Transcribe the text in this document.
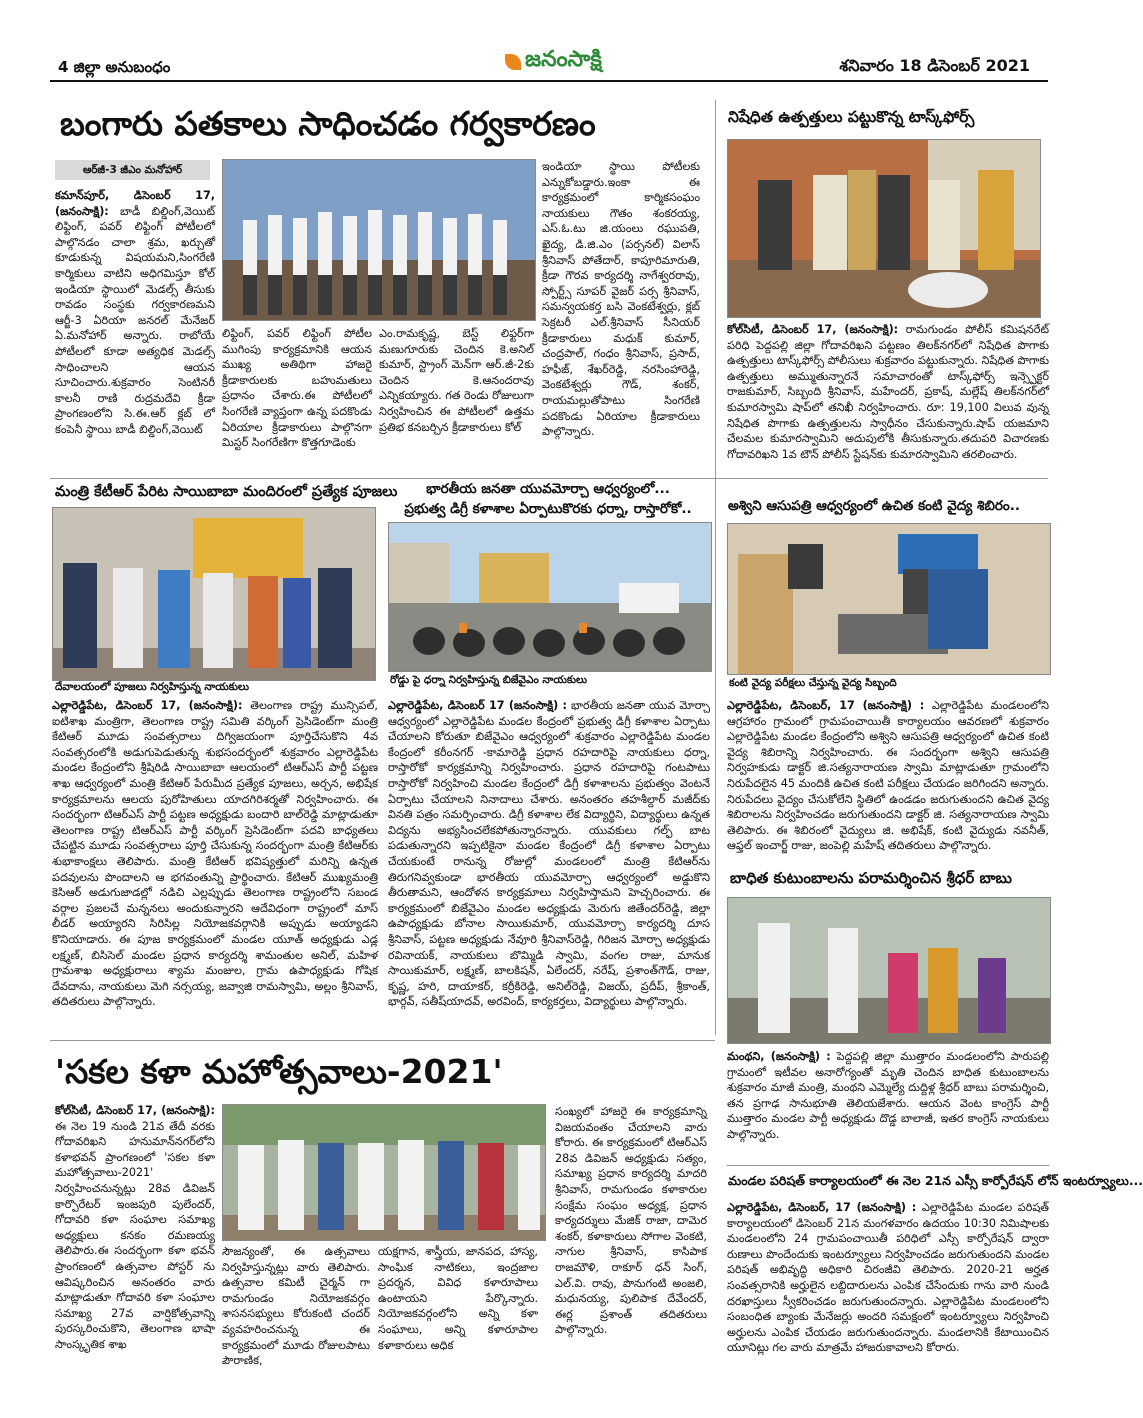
4 జిల్లా అనుబంధం	జనంసాక్షి	శనివారం 18 డిసెంబర్ 2021
బంగారు పతకాలు సాధించడం గర్వకారణం
ఆర్‌జీ-3 జీఎం మనోహార్

కమాన్‌పూర్, డిసెంబర్ 17, (జనంసాక్షి): బాడీ బిల్డింగ్,వెయిట్ లిఫ్టింగ్, పవర్ లిఫ్టింగ్ పోటీలలో పాల్గొనడం చాలా శ్రమ, ఖర్చుతో కూడుకున్న విషయమని,సింగరేణి కార్మికులు వాటిని అధిగమిస్తూ కోల్ ఇండియా స్థాయిలో మెడల్స్ తీసుకు రావడం సంస్థకు గర్వకారణమని ఆర్జీ-3 ఏరియా జనరల్ మేనేజర్ ఏ.మనోహార్ అన్నారు. రాబోయే పోటీలలో కూడా అత్యధిక మెడల్స్ సాధించాలని ఆయన సూచించారు.శుక్రవారం సెంటినరీ కాలనీ రాణి రుద్రమదేవి క్రీడా ప్రాంగణంలోని సి.ఈ.ఆర్ క్లబ్ లో కంపెనీ స్థాయి బాడీ బిల్డింగ్,వెయిట్

లిఫ్టింగ్, పవర్ లిఫ్టింగ్ పోటీల ముగింపు కార్యక్రమానికి ఆయన ముఖ్య అతిథిగా హాజరై క్రీడాకారులకు బహుమతులు ప్రధానం చేశారు.ఈ పోటీలలో సింగరేణి వ్యాప్తంగా ఉన్న పదకొండు ఏరియాల క్రీడాకారులు పాల్గొనగా మిస్టర్ సింగరేణిగా కొత్తగూడెంకు

ఎం.రామకృష్ణ, బెస్ట్ లిఫ్టర్‌గా మణుగూరుకు చెందిన కె.అనిల్ కుమార్, స్ట్రాంగ్ మెన్‌గా ఆర్.జీ-2కు చెందిన కె.ఆనందరావు ఎన్నికయ్యారు. గత రెండు రోజులుగా నిర్వహించిన ఈ పోటీలలో ఉత్తమ ప్రతిభ కనబర్చిన క్రీడాకారులు కోల్

ఇండియా స్థాయి పోటీలకు ఎన్నుకోబడ్డారు.ఇంకా ఈ కార్యక్రమంలో కార్మికసంఘం నాయకులు గౌతం శంకరయ్య, ఎస్.ఓ.టు జి.యంలు రఘుపతి, ఖైద్య, డి.జి.ఎం (పర్సనల్) విలాస్ శ్రీనివాస్ పోతేదార్, కాపూరిమారుతి, క్రీడా గౌరవ కార్యదర్శి నాగేశ్వరరావు, స్పోర్ట్స్ సూపర్ వైజర్ పర్స శ్రీనివాస్, సమన్వయకర్త బసి వెంకటేశ్వర్లు, క్లబ్ సెక్రటరీ ఎల్.శ్రీనివాస్ సీనియర్ క్రీడాకారులు మధుక్ కుమార్, చంద్రపాల్, గంధం శ్రీనివాస్, ప్రసాద్, హఫీజ్, శేఖర్‌రెడ్డి, నరసింహారెడ్డి, వెంకటేశ్వర్లు గౌడ్, శంకర్, రాయమల్లుతోపాటు సింగరేణి పదకొండు ఏరియాల క్రీడాకారులు పాల్గొన్నారు.

నిషేధిత ఉత్పత్తులు పట్టుకొన్న టాస్క్‌ఫోర్స్

కోల్‌సిటీ, డిసెంబర్ 17, (జనంసాక్షి): రామగుండం పోలీస్ కమిషనరేట్ పరిధి పెద్దపల్లి జిల్లా గోదావరిఖని పట్టణం తిలక్‌నగర్‌లో నిషేధిత పొగాకు ఉత్పత్తులు టాస్క్‌ఫోర్స్ పోలీసులు శుక్రవారం పట్టుకున్నారు. నిషేధిత పొగాకు ఉత్పత్తులు అమ్ముతున్నారనే సమాచారంతో టాస్క్‌ఫోర్స్ ఇన్స్పెక్టర్ రాజకుమార్, సిబ్బంది శ్రీనివాస్, మహేందర్, ప్రకాష్, మల్లేష్ తిలక్‌నగర్‌లో కుమారస్వామి షాప్‌లో తనిఖీ నిర్వహించారు. రూ: 19,100 విలువ వున్న నిషేధిత పొగాకు ఉత్పత్తులను స్వాధీనం చేసుకున్నారు.షాప్ యజమాని చేలమల కుమారస్వామిని అదుపులోకి తీసుకున్నారు.తదుపరి విచారణకు గోదావరిఖని 1వ టౌన్ పోలీస్ స్టేషన్‌కు కుమారస్వామిని తరలించారు.

మంత్రి కేటీఆర్ పేరిట సాయిబాబా మందిరంలో ప్రత్యేక పూజలు
దేవాలయంలో పూజలు నిర్వహిస్తున్న నాయకులు

ఎల్లారెడ్డిపేట, డిసెంబర్ 17, (జనంసాక్షి): తెలంగాణ రాష్ట్ర మున్సిపల్, ఐటిశాఖ మంత్రిగా, తెలంగాణ రాష్ట్ర సమితి వర్కింగ్ ప్రెసిడెంట్‌గా మంత్రి కేటిఆర్ మూడు సంవత్సరాలు దిగ్విజయంగా పూర్తిచేసుకొని 4వ సంవత్సరంలోకి అడుగుపెడుతున్న శుభసందర్భంలో శుక్రవారం ఎల్లారెడ్డిపేట మండల కేంద్రంలోని శ్రీషిరిడి సాయిబాబా ఆలయంలో టిఆర్ఎస్ పార్టీ పట్టణ శాఖ ఆధ్వర్యంలో మంత్రి కేటిఆర్ పేరుమీద ప్రత్యేక పూజలు, అర్చన, అభిషేక కార్యక్రమాలను ఆలయ పురోహితులు యాదగిరిశర్మతో నిర్వహించారు. ఈ సందర్భంగా టిఆర్ఎస్ పార్టీ పట్టణ అధ్యక్షుడు బందారి బాల్‌రెడ్డి మాట్లాడుతూ తెలంగాణ రాష్ట్ర టిఆర్ఎస్ పార్టీ వర్కింగ్ ప్రెసిడెంట్‌గా పదవి బాధ్యతలు చేపట్టిన మూడు సంవత్సరాలు పూర్తి చేసుకున్న సందర్భంగా మంత్రి కేటిఆర్‌కు శుభాకాంక్షలు తెలిపారు. మంత్రి కేటిఆర్ భవిష్యత్తులో మరిన్ని ఉన్నత పదవులను పొందాలని ఆ భగవంతున్ని ప్రార్థించారు. కేటిఆర్ ముఖ్యమంత్రి కెసిఆర్ అడుగుజాడల్లో నడిచి ఎల్లప్పుడు తెలంగాణ రాష్ట్రంలోని సబండ వర్గాల ప్రజలచే మన్ననలు అందుకున్నారని ఆదేవిధంగా రాష్ట్రంలో మాస్ లీడర్ అయ్యారని సిరిసిల్ల నియోజకవర్గానికి అప్పుడు అయ్యాడని కొనియాడారు. ఈ పూజ కార్యక్రమంలో మండల యూత్ అధ్యక్షుడు ఎడ్ల లక్ష్మణ్, బిసిసెల్ మండల ప్రధాన కార్యదర్శి శామంతుల అనిల్, మహిళ గ్రామశాఖ అధ్యక్షురాలు శ్యామ మంజుల, గ్రామ ఉపాధ్యక్షుడు గోషిక దేవదాను, నాయకులు మెగి నర్సయ్య, జవ్వాజి రామస్వామి, అల్లం శ్రీనివాస్, తదితరులు పాల్గొన్నారు.

భారతీయ జనతా యువమోర్చా ఆధ్వర్యంలో...
ప్రభుత్వ డిగ్రీ కళాశాల ఏర్పాటుకొరకు ధర్నా, రాస్తారోకో..
రోడ్డు పై ధర్నా నిర్వహిస్తున్న బిజేవైఎం నాయకులు

ఎల్లారెడ్డిపేట, డిసెంబర్ 17 (జనంసాక్షి) : భారతీయ జనతా యువ మోర్చా ఆధ్వర్యంలో ఎల్లారెడ్డిపేట మండల కేంద్రంలో ప్రభుత్వ డిగ్రీ కళాశాల ఏర్పాటు చేయాలని కోరుతూ బిజేవైఎం ఆధ్వర్యంలో శుక్రవారం ఎల్లారెడ్డిపేట మండల కేంద్రంలో కరీంనగర్ -కామారెడ్డి ప్రధాన రహదారిపై నాయకులు ధర్నా, రాస్తారోకో కార్యక్రమాన్ని నిర్వహించారు. ప్రధాన రహదారిపై గంటపాటు రాస్తారోకో నిర్వహించి మండల కేంద్రంలో డిగ్రీ కళాశాలను ప్రభుత్వం వెంటనే ఏర్పాటు చేయాలని నినాదాలు చేశారు. అనంతరం తహశీల్దార్ మజీద్‌కు వినతి పత్రం సమర్పించారు. డిగ్రీ కళాశాల లేక విద్యార్థిని, విద్యార్థులు ఉన్నత విద్యను అభ్యసించలేకపోతున్నారన్నారు. యువకులు గల్ఫ్ బాట పడుతున్నారని ఇప్పటికైనా మండల కేంద్రంలో డిగ్రీ కళాశాల ఏర్పాటు చేయకుంటే రానున్న రోజుల్లో మండలంలో మంత్రి కేటిఆర్‌ను తిరుగనివ్వకుండా భారతీయ యువమోర్చా ఆధ్వర్యంలో అడ్డుకొని తీరుతామని, ఆందోళన కార్యక్రమాలు నిర్వహిస్తామని హెచ్చరించారు. ఈ కార్యక్రమంలో బిజేవైఎం మండల అధ్యక్షుడు మెరుగు జితేందర్‌రెడ్డి, జిల్లా ఉపాధ్యక్షుడు బోనాల సాయికుమార్, యువమోర్చా కార్యదర్శి దూస శ్రీనివాస్, పట్టణ అధ్యక్షుడు నేవూరి శ్రీనివాస్‌రెడ్డి, గిరిజన మోర్చా అధ్యక్షుడు రవినాయక్, నాయకులు బొమ్మిడి స్వామి, వంగల రాజు, మానుక సాయికుమార్, లక్ష్మణ్, బాలకిషన్, ఏలేందర్, నరేష్, ప్రశాంత్‌గౌడ్, రాజు, కృష్ణ, హరి, దాయాకర్, కర్రీకిరెడ్డి, అనిల్‌రెడ్డి, విజయ్, ప్రదీప్, శ్రీకాంత్, భార్గవ్, సతీష్‌యాదవ్, అరవింద్, కార్యకర్తలు, విద్యార్థులు పాల్గొన్నారు.

అశ్విని ఆసుపత్రి ఆధ్వర్యంలో ఉచిత కంటి వైద్య శిబిరం..
కంటి వైద్య పరీక్షలు చేస్తున్న వైద్య సిబ్బంది

ఎల్లారెడ్డిపేట, డిసెంబర్, 17 (జనంసాక్షి) : ఎల్లారెడ్డిపేట మండలంలోని ఆగ్రహారం గ్రామంలో గ్రామపంచాయితీ కార్యాలయం ఆవరణలో శుక్రవారం ఎల్లారెడ్డిపేట మండల కేంద్రంలోని అశ్విని ఆసుపత్రి ఆధ్వర్యంలో ఉచిత కంటి వైద్య శిబిరాన్ని నిర్వహించారు. ఈ సందర్భంగా అశ్విని ఆసుపత్రి నిర్వహకుడు డాక్టర్ జి.సత్యనారాయణ స్వామి మాట్లాడుతూ గ్రామంలోని నిరుపేదలైన 45 మందికి ఉచిత కంటి పరీక్షలు చేయడం జరిగిందని అన్నారు. నిరుపేదలు వైద్యం చేసుకోలేని స్థితిలో ఉండడం జరుగుతుందని ఉచిత వైద్య శిబిరాలను నిర్వహించడం జరుగుతుందని డాక్టర్ జి. సత్యనారాయణ స్వామి తెలిపారు. ఈ శిబిరంలో వైద్యులు జి. అభిషేక్, కంటి వైద్యుడు నవనీత్, ఆఫ్తల్ ఇంచార్జ్ రాజు, జంపెల్లి మహేష్ తదితరులు పాల్గొన్నారు.

బాధిత కుటుంబాలను పరామర్శించిన శ్రీధర్ బాబు

మంథని, (జనంసాక్షి) : పెద్దపల్లి జిల్లా ముత్తారం మండలంలోని పారుపల్లి గ్రామంలో ఇటీవల అనారోగ్యంతో మృతి చెందిన బాధిత కుటుంబాలను శుక్రవారం మాజీ మంత్రి, మంథని ఎమ్మెల్యే దుద్దిళ్ల శ్రీధర్ బాబు పరామర్శించి, తన ప్రగాఢ సానుభూతి తెలియజేశారు. ఆయన వెంట కాంగ్రెస్ పార్టీ ముత్తారం మండల పార్టీ అధ్యక్షుడు దొడ్డ బాలాజీ, ఇతర కాంగ్రెస్ నాయకులు పాల్గొన్నారు.

'సకల కళా మహోత్సవాలు-2021'

కోల్‌సిటీ, డిసెంబర్ 17, (జనంసాక్షి): ఈ నెల 19 నుండి 21వ తేదీ వరకు గోదావరిఖని హనుమాన్‌నగర్‌లోని కళాభవన్ ప్రాంగణంలో 'సకల కళా మహోత్సవాలు-2021' నిర్వహించనున్నట్లు 28వ డివిజన్ కార్పొరేటర్ ఇంజపురి పులేందర్, గోదావరి కళా సంఘాల సమాఖ్య అధ్యక్షులు కనకం రమణయ్య తెలిపారు.ఈ సందర్భంగా కళా భవన్ ప్రాంగణంలో ఉత్సవాల పోస్టర్ ను ఆవిష్కరించిన అనంతరం వారు మాట్లాడుతూ గోదావరి కళా సంఘాల సమాఖ్య 27వ వార్షికోత్సవాన్ని పురస్కరించుకొని, తెలంగాణ భాషా సాంస్కృతిక శాఖ

సౌజన్యంతో, ఈ ఉత్సవాలు నిర్వహిస్తున్నట్లు వారు తెలిపారు. ఉత్సవాల కమిటీ చైర్మన్ గా రామగుండం నియోజకవర్గం శాసనసభ్యులు కోరుకంటి చందర్ వ్యవహరించనున్న ఈ కార్యక్రమంలో మూడు రోజులపాటు పౌరాణిక,

యక్షగాన, శాస్త్రీయ, జానపద, హాస్య, సాంఘిక నాటికలు, ఇంద్రజాల ప్రదర్శన, వివిధ కళారూపాలు ఉంటాయని పేర్కొన్నారు. నియోజకవర్గంలోని అన్ని కళా సంఘాలు, అన్ని కళారూపాల కళాకారులు అధిక

సంఖ్యలో హాజరై ఈ కార్యక్రమాన్ని విజయవంతం చేయాలని వారు కోరారు. ఈ కార్యక్రమంలో టిఆర్ఎస్ 28వ డివిజన్ అధ్యక్షుడు సత్యం, సమాఖ్య ప్రధాన కార్యదర్శి మాదరి శ్రీనివాస్, రామగుండం కళాకారుల సంక్షేమ సంఘం అధ్యక్ష, ప్రధాన కార్యదర్శులు మేజిక్ రాజా, దామెర శంకర్, కళాకారులు సోగాల వెంకటి, నాగుల శ్రీనివాస్, కాసిపాక రాజమౌళి, రాకూర్ ధన్ సింగ్, ఎల్.వి. రావు, పొనుగంటి అంజలి, మధునయ్య, పులిపాక దేవేందర్, ఈర్ల ప్రశాంత్ తదితరులు పాల్గొన్నారు.

మండల పరిషత్ కార్యాలయంలో ఈ నెల 21న ఎస్సీ కార్పోరేషన్ లోన్ ఇంటర్వ్యూలు...

ఎల్లారెడ్డిపేట, డిసెంబర్, 17 (జనంసాక్షి) : ఎల్లారెడ్డిపేట మండల పరిషత్ కార్యాలయంలో డిసెంబర్ 21న మంగళవారం ఉదయం 10:30 నిమిషాలకు మండలంలోని 24 గ్రామపంచాయితీ పరిధిలో ఎస్సీ కార్పోరేషన్ ద్వారా రుణాలు పొందేందుకు ఇంటర్వ్యూలు నిర్వహించడం జరుగుతుందని మండల పరిషత్ అభివృద్ధి అధికారి చిరంజీవి తెలిపారు. 2020-21 అర్హత సంవత్సరానికి అర్హులైన లబ్దిదారులను ఎంపిక చేసేందుకు గాను వారి నుండి దరఖాస్తులు స్వీకరించడం జరుగుతుందన్నారు. ఎల్లారెడ్డిపేట మండలంలోని సంబంధిత బ్యాంకు మేనేజర్లు అందరి సమక్షంలో ఇంటర్వ్యూలు నిర్వహించి అర్హులను ఎంపిక చేయడం జరుగుతుందన్నారు. మండలానికి కేటాయించిన యూనిట్లు గల వారు మాత్రమే హాజరుకావాలని కోరారు.
